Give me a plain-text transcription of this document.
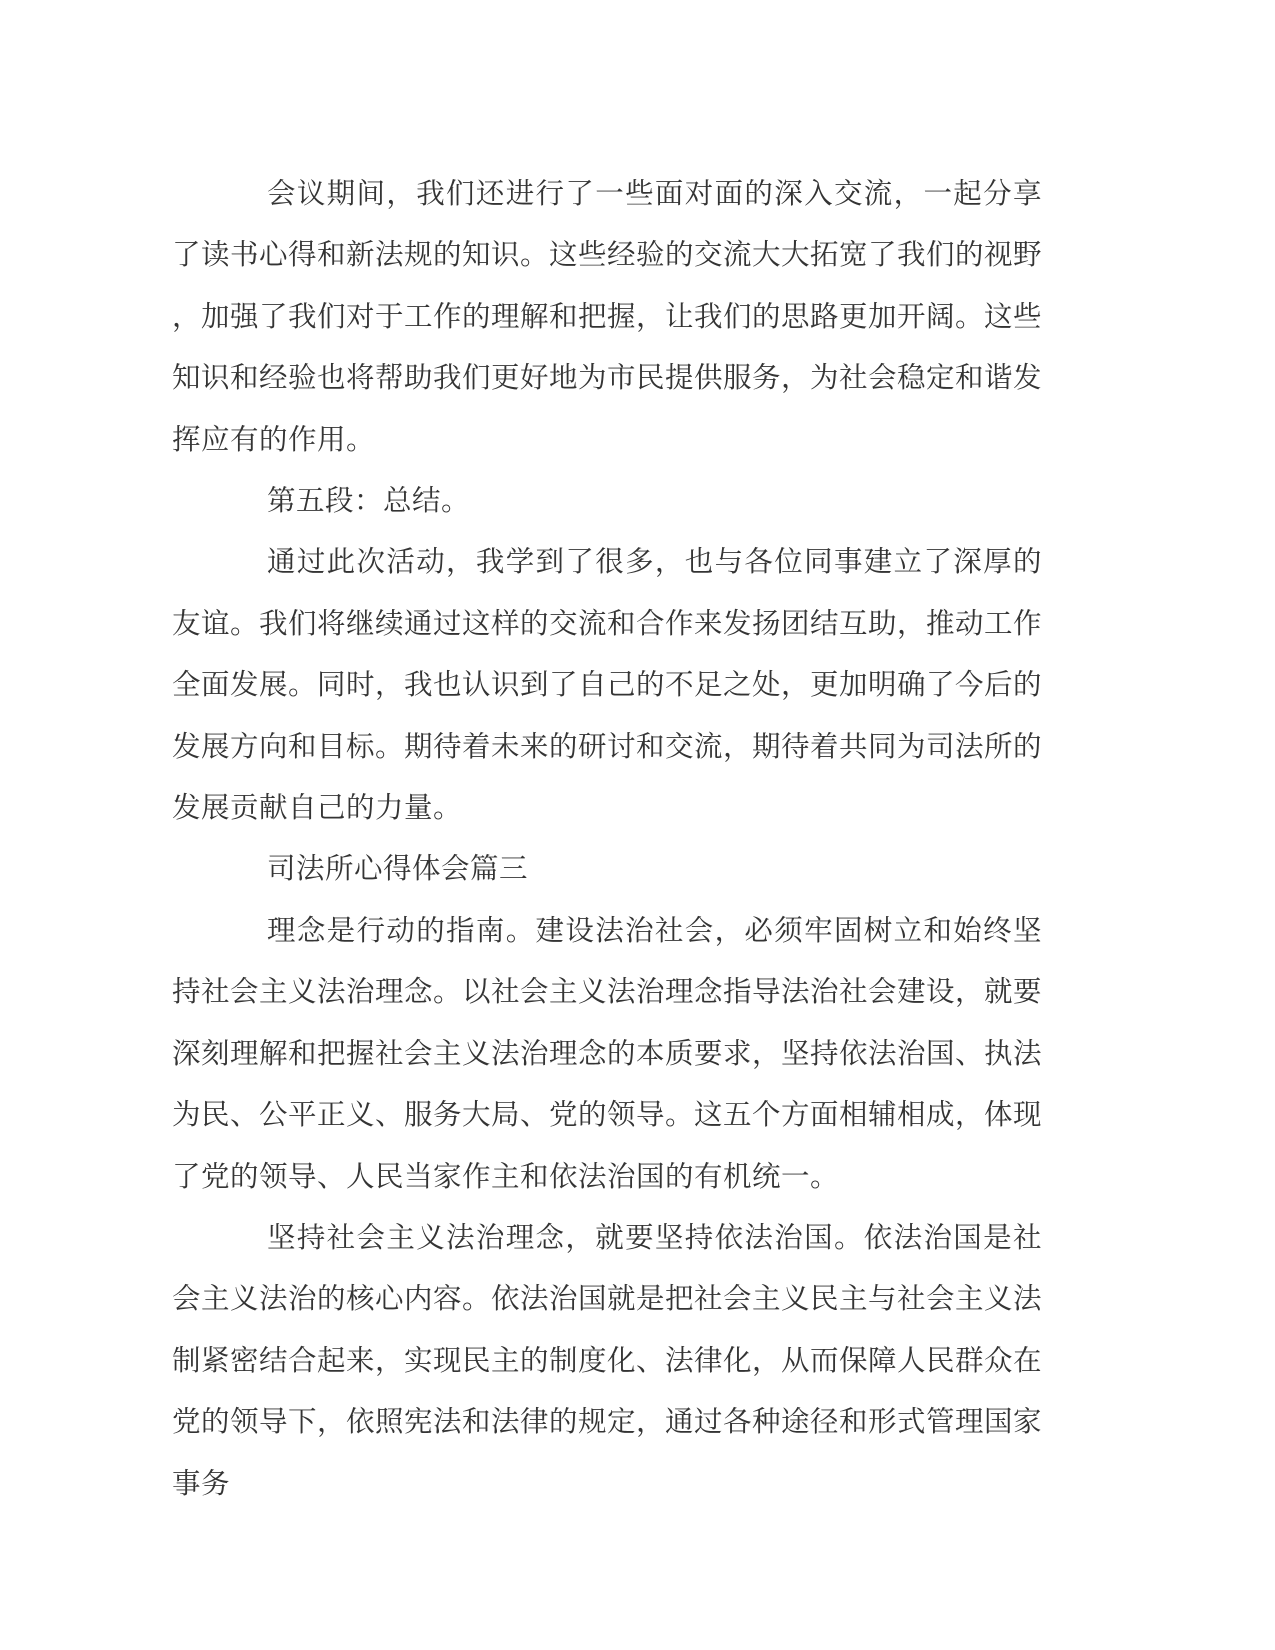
会议期间，我们还进行了一些面对面的深入交流，一起分享了读书心得和新法规的知识。这些经验的交流大大拓宽了我们的视野，加强了我们对于工作的理解和把握，让我们的思路更加开阔。这些知识和经验也将帮助我们更好地为市民提供服务，为社会稳定和谐发挥应有的作用。

第五段：总结。

通过此次活动，我学到了很多，也与各位同事建立了深厚的友谊。我们将继续通过这样的交流和合作来发扬团结互助，推动工作全面发展。同时，我也认识到了自己的不足之处，更加明确了今后的发展方向和目标。期待着未来的研讨和交流，期待着共同为司法所的发展贡献自己的力量。

司法所心得体会篇三

理念是行动的指南。建设法治社会，必须牢固树立和始终坚持社会主义法治理念。以社会主义法治理念指导法治社会建设，就要深刻理解和把握社会主义法治理念的本质要求，坚持依法治国、执法为民、公平正义、服务大局、党的领导。这五个方面相辅相成，体现了党的领导、人民当家作主和依法治国的有机统一。

坚持社会主义法治理念，就要坚持依法治国。依法治国是社会主义法治的核心内容。依法治国就是把社会主义民主与社会主义法制紧密结合起来，实现民主的制度化、法律化，从而保障人民群众在党的领导下，依照宪法和法律的规定，通过各种途径和形式管理国家事务
